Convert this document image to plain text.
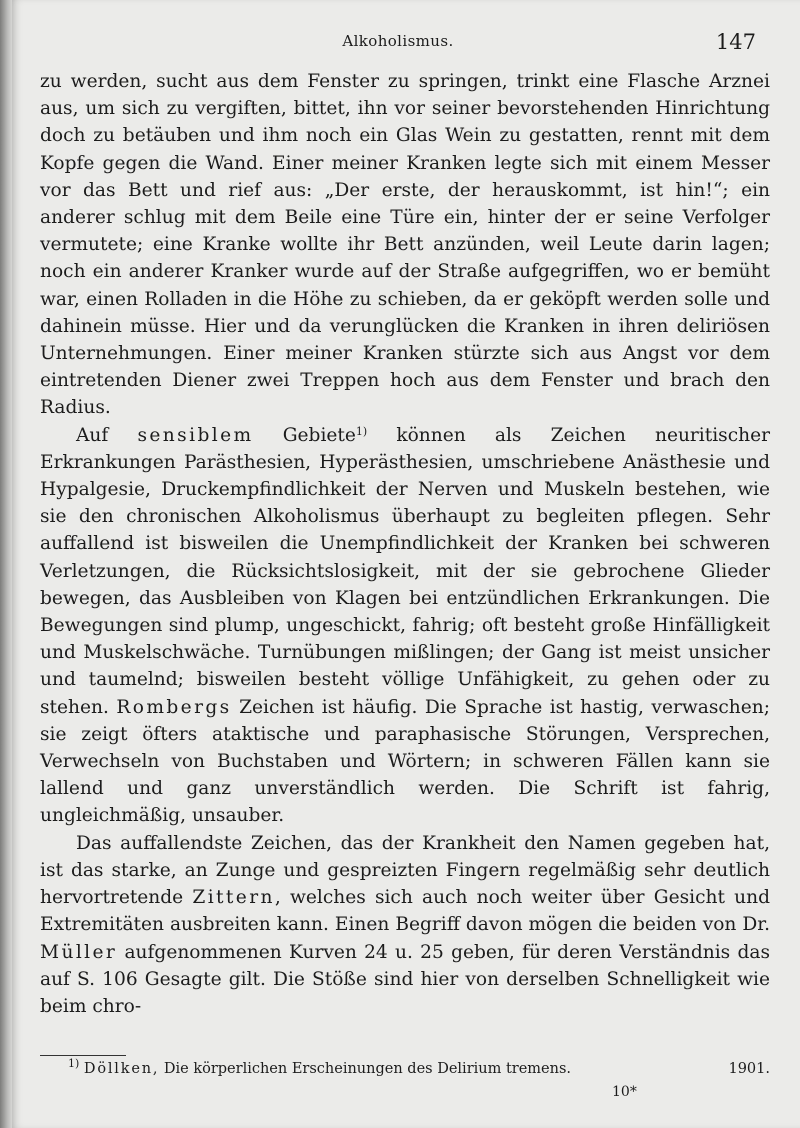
Alkoholismus.	147

zu werden, sucht aus dem Fenster zu springen, trinkt eine Flasche Arznei aus, um sich zu vergiften, bittet, ihn vor seiner bevorstehenden Hinrichtung doch zu betäuben und ihm noch ein Glas Wein zu gestatten, rennt mit dem Kopfe gegen die Wand. Einer meiner Kranken legte sich mit einem Messer vor das Bett und rief aus: „Der erste, der herauskommt, ist hin!“; ein anderer schlug mit dem Beile eine Türe ein, hinter der er seine Verfolger vermutete; eine Kranke wollte ihr Bett anzünden, weil Leute darin lagen; noch ein anderer Kranker wurde auf der Straße aufgegriffen, wo er bemüht war, einen Rolladen in die Höhe zu schieben, da er geköpft werden solle und dahinein müsse. Hier und da verunglücken die Kranken in ihren deliriösen Unternehmungen. Einer meiner Kranken stürzte sich aus Angst vor dem eintretenden Diener zwei Treppen hoch aus dem Fenster und brach den Radius.

Auf sensiblem Gebiete$^{1)}$ können als Zeichen neuritischer Erkrankungen Parästhesien, Hyperästhesien, umschriebene Anästhesie und Hypalgesie, Druckempfindlichkeit der Nerven und Muskeln bestehen, wie sie den chronischen Alkoholismus überhaupt zu begleiten pflegen. Sehr auffallend ist bisweilen die Unempfindlichkeit der Kranken bei schweren Verletzungen, die Rücksichtslosigkeit, mit der sie gebrochene Glieder bewegen, das Ausbleiben von Klagen bei entzündlichen Erkrankungen. Die Bewegungen sind plump, ungeschickt, fahrig; oft besteht große Hinfälligkeit und Muskelschwäche. Turnübungen mißlingen; der Gang ist meist unsicher und taumelnd; bisweilen besteht völlige Unfähigkeit, zu gehen oder zu stehen. Rombergs Zeichen ist häufig. Die Sprache ist hastig, verwaschen; sie zeigt öfters ataktische und paraphasische Störungen, Versprechen, Verwechseln von Buchstaben und Wörtern; in schweren Fällen kann sie lallend und ganz unverständlich werden. Die Schrift ist fahrig, ungleichmäßig, unsauber.

Das auffallendste Zeichen, das der Krankheit den Namen gegeben hat, ist das starke, an Zunge und gespreizten Fingern regelmäßig sehr deutlich hervortretende Zittern, welches sich auch noch weiter über Gesicht und Extremitäten ausbreiten kann. Einen Begriff davon mögen die beiden von Dr. Müller aufgenommenen Kurven 24 u. 25 geben, für deren Verständnis das auf S. 106 Gesagte gilt. Die Stöße sind hier von derselben Schnelligkeit wie beim chro-

$^{1)}$ Döllken, Die körperlichen Erscheinungen des Delirium tremens.	1901.
10*
